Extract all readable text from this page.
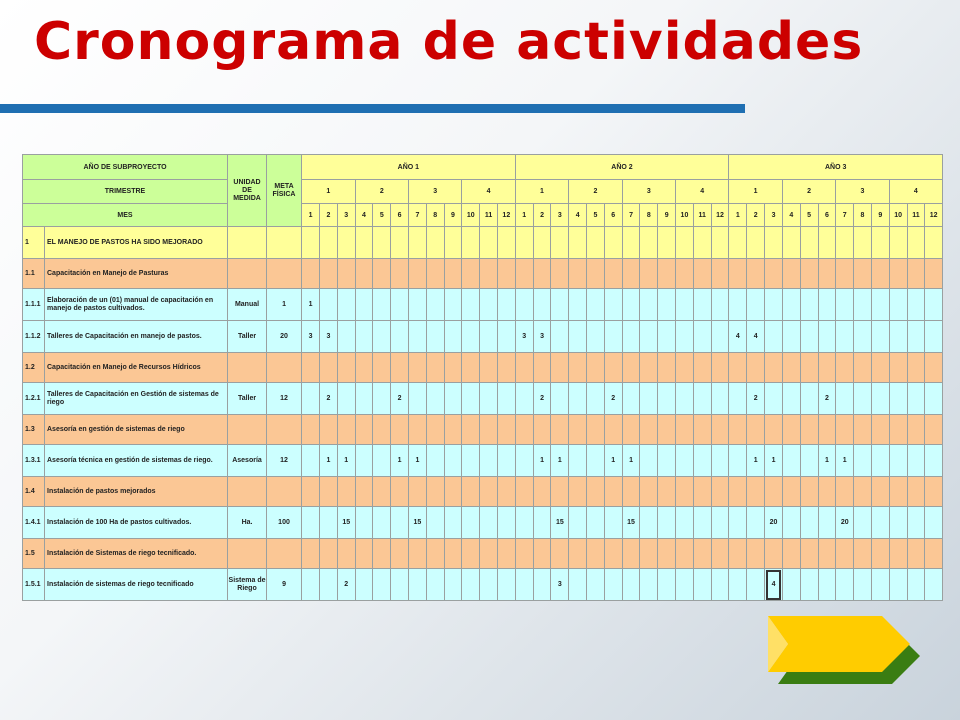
Cronograma de actividades
AÑO DE SUBPROYECTO		UNIDAD DE MEDIDA	META FÍSICA	AÑO 1												AÑO 2												AÑO 3											
TRIMESTRE				1			2			3			4			1			2			3			4			1			2			3			4		
MES				1	2	3	4	5	6	7	8	9	10	11	12	1	2	3	4	5	6	7	8	9	10	11	12	1	2	3	4	5	6	7	8	9	10	11	12
1	EL MANEJO DE PASTOS HA SIDO MEJORADO																																						
1.1	Capacitación en Manejo de Pasturas																																						
1.1.1	Elaboración de un (01) manual de capacitación en manejo de pastos cultivados.	Manual	1	1																																			
1.1.2	Talleres de Capacitación en manejo de pastos.	Taller	20	3	3											3	3											4	4										
1.2	Capacitación en Manejo de Recursos Hídricos																																						
1.2.1	Talleres de Capacitación en Gestión de sistemas de riego	Taller	12		2				2								2				2								2				2						
1.3	Asesoría en gestión de sistemas de riego																																						
1.3.1	Asesoría técnica en gestión de sistemas de riego.	Asesoría	12		1	1			1	1							1	1			1	1							1	1			1	1					
1.4	Instalación de pastos mejorados																																						
1.4.1	Instalación de 100 Ha de pastos cultivados.	Ha.	100			15				15								15				15								20				20					
1.5	Instalación de Sistemas de riego tecnificado.																																						
1.5.1	Instalación de sistemas de riego tecnificado	Sistema de Riego	9			2												3												4									
